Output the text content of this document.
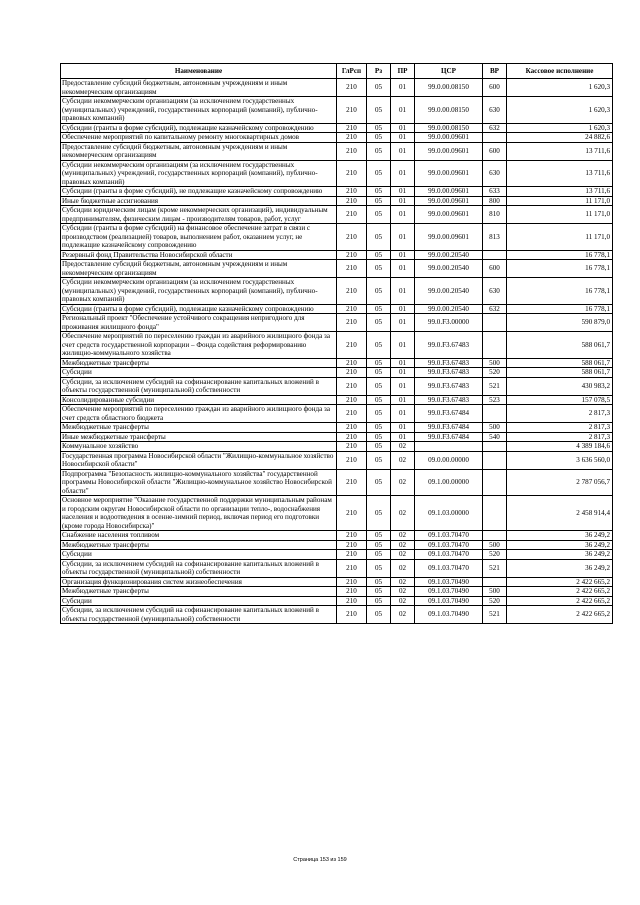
Наименование	ГлРсп	Рз	ПР	ЦСР	ВР	Кассовое исполнение
Предоставление субсидий бюджетным, автономным учреждениям и иным некоммерческим организациям	210	05	01	99.0.00.08150	600	1 620,3
Субсидии некоммерческим организациям (за исключением государственных (муниципальных) учреждений, государственных корпораций (компаний), публично-правовых компаний)	210	05	01	99.0.00.08150	630	1 620,3
Субсидии (гранты в форме субсидий), подлежащие казначейскому сопровождению	210	05	01	99.0.00.08150	632	1 620,3
Обеспечение мероприятий по капитальному ремонту многоквартирных домов	210	05	01	99.0.00.09601		24 882,6
Предоставление субсидий бюджетным, автономным учреждениям и иным некоммерческим организациям	210	05	01	99.0.00.09601	600	13 711,6
Субсидии некоммерческим организациям (за исключением государственных (муниципальных) учреждений, государственных корпораций (компаний), публично-правовых компаний)	210	05	01	99.0.00.09601	630	13 711,6
Субсидии (гранты в форме субсидий), не подлежащие казначейскому сопровождению	210	05	01	99.0.00.09601	633	13 711,6
Иные бюджетные ассигнования	210	05	01	99.0.00.09601	800	11 171,0
Субсидии юридическим лицам (кроме некоммерческих организаций), индивидуальным предпринимателям, физическим лицам - производителям товаров, работ, услуг	210	05	01	99.0.00.09601	810	11 171,0
Субсидии (гранты в форме субсидий) на финансовое обеспечение затрат в связи с производством (реализацией) товаров, выполнением работ, оказанием услуг, не подлежащие казначейскому сопровождению	210	05	01	99.0.00.09601	813	11 171,0
Резервный фонд Правительства Новосибирской области	210	05	01	99.0.00.20540		16 778,1
Предоставление субсидий бюджетным, автономным учреждениям и иным некоммерческим организациям	210	05	01	99.0.00.20540	600	16 778,1
Субсидии некоммерческим организациям (за исключением государственных (муниципальных) учреждений, государственных корпораций (компаний), публично-правовых компаний)	210	05	01	99.0.00.20540	630	16 778,1
Субсидии (гранты в форме субсидий), подлежащие казначейскому сопровождению	210	05	01	99.0.00.20540	632	16 778,1
Региональный проект "Обеспечение устойчивого сокращения непригодного для проживания жилищного фонда"	210	05	01	99.0.F3.00000		590 879,0
Обеспечение мероприятий по переселению граждан из аварийного жилищного фонда за счет средств государственной корпорации – Фонда содействия реформированию жилищно-коммунального хозяйства	210	05	01	99.0.F3.67483		588 061,7
Межбюджетные трансферты	210	05	01	99.0.F3.67483	500	588 061,7
Субсидии	210	05	01	99.0.F3.67483	520	588 061,7
Субсидии, за исключением субсидий на софинансирование капитальных вложений в объекты государственной (муниципальной) собственности	210	05	01	99.0.F3.67483	521	430 983,2
Консолидированные субсидии	210	05	01	99.0.F3.67483	523	157 078,5
Обеспечение мероприятий по переселению граждан из аварийного жилищного фонда за счет средств областного бюджета	210	05	01	99.0.F3.67484		2 817,3
Межбюджетные трансферты	210	05	01	99.0.F3.67484	500	2 817,3
Иные межбюджетные трансферты	210	05	01	99.0.F3.67484	540	2 817,3
Коммунальное хозяйство	210	05	02			4 389 184,6
Государственная программа Новосибирской области "Жилищно-коммунальное хозяйство Новосибирской области"	210	05	02	09.0.00.00000		3 636 560,0
Подпрограмма "Безопасность жилищно-коммунального хозяйства" государственной программы Новосибирской области "Жилищно-коммунальное хозяйство Новосибирской области"	210	05	02	09.1.00.00000		2 787 056,7
Основное мероприятие "Оказание государственной поддержки муниципальным районам и городским округам Новосибирской области по организации тепло-, водоснабжения населения и водоотведения в осенне-зимний период, включая период его подготовки (кроме города Новосибирска)"	210	05	02	09.1.03.00000		2 458 914,4
Снабжение населения топливом	210	05	02	09.1.03.70470		36 249,2
Межбюджетные трансферты	210	05	02	09.1.03.70470	500	36 249,2
Субсидии	210	05	02	09.1.03.70470	520	36 249,2
Субсидии, за исключением субсидий на софинансирование капитальных вложений в объекты государственной (муниципальной) собственности	210	05	02	09.1.03.70470	521	36 249,2
Организация функционирования систем жизнеобеспечения	210	05	02	09.1.03.70490		2 422 665,2
Межбюджетные трансферты	210	05	02	09.1.03.70490	500	2 422 665,2
Субсидии	210	05	02	09.1.03.70490	520	2 422 665,2
Субсидии, за исключением субсидий на софинансирование капитальных вложений в объекты государственной (муниципальной) собственности	210	05	02	09.1.03.70490	521	2 422 665,2
Страница 153 из 159
